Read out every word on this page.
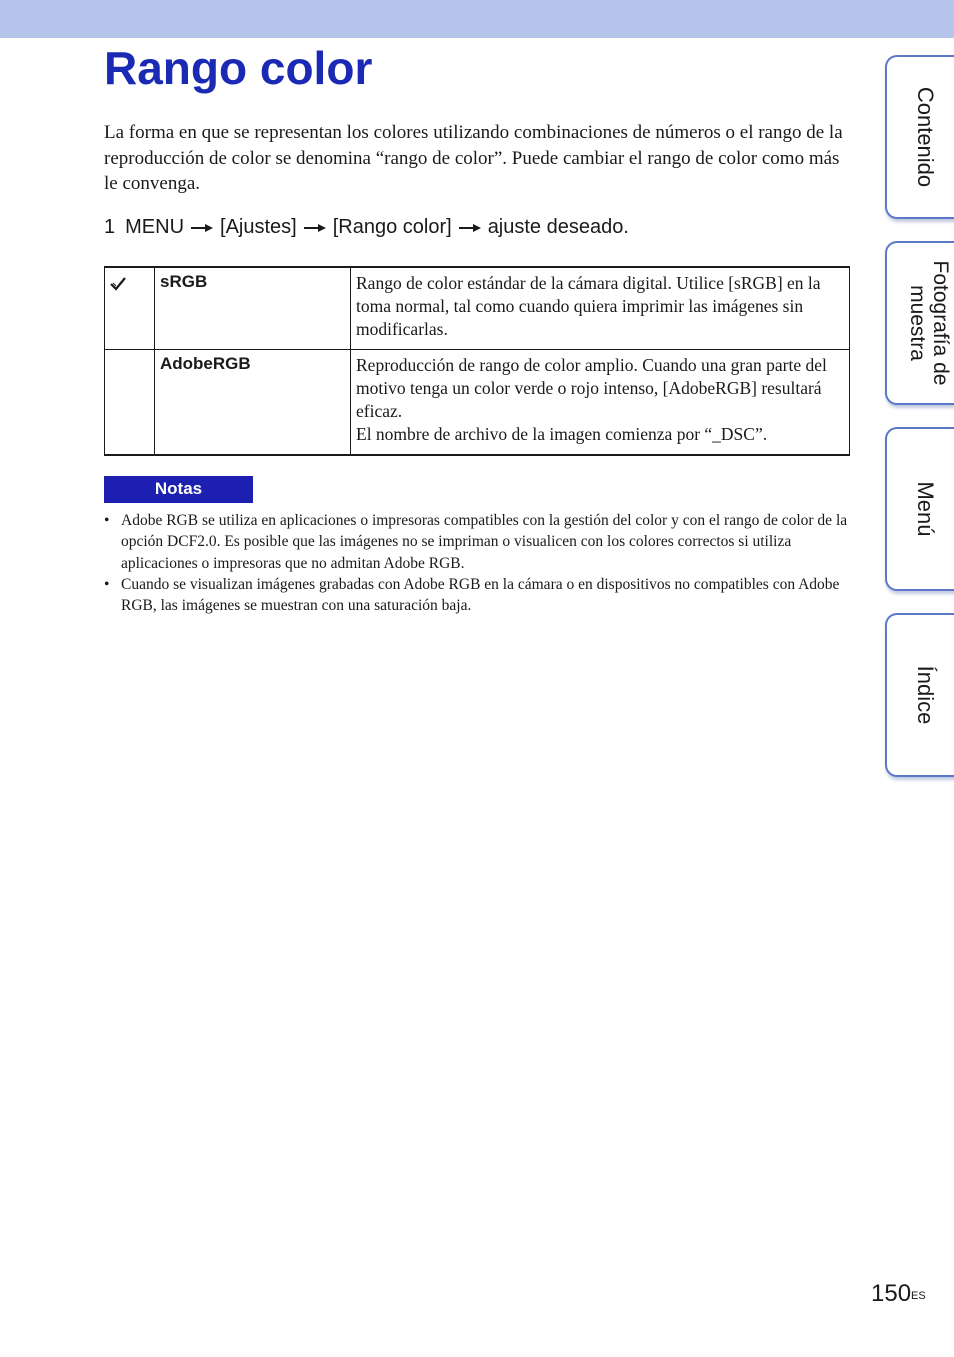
Rango color

La forma en que se representan los colores utilizando combinaciones de números o el rango de la reproducción de color se denomina “rango de color”. Puede cambiar el rango de color como más le convenga.

1 MENU [Ajustes] [Rango color] ajuste deseado.
	sRGB	Rango de color estándar de la cámara digital. Utilice [sRGB] en la toma normal, tal como cuando quiera imprimir las imágenes sin modificarlas.

	AdobeRGB	Reproducción de rango de color amplio. Cuando una gran parte del motivo tenga un color verde o rojo intenso, [AdobeRGB] resultará eficaz.
El nombre de archivo de la imagen comienza por “_DSC”.
Notas
• Adobe RGB se utiliza en aplicaciones o impresoras compatibles con la gestión del color y con el rango de color de la opción DCF2.0. Es posible que las imágenes no se impriman o visualicen con los colores correctos si utiliza aplicaciones o impresoras que no admitan Adobe RGB.
• Cuando se visualizan imágenes grabadas con Adobe RGB en la cámara o en dispositivos no compatibles con Adobe RGB, las imágenes se muestran con una saturación baja.
Contenido
Fotografía de
muestra
Menú
Índice
$150^{ES}$
